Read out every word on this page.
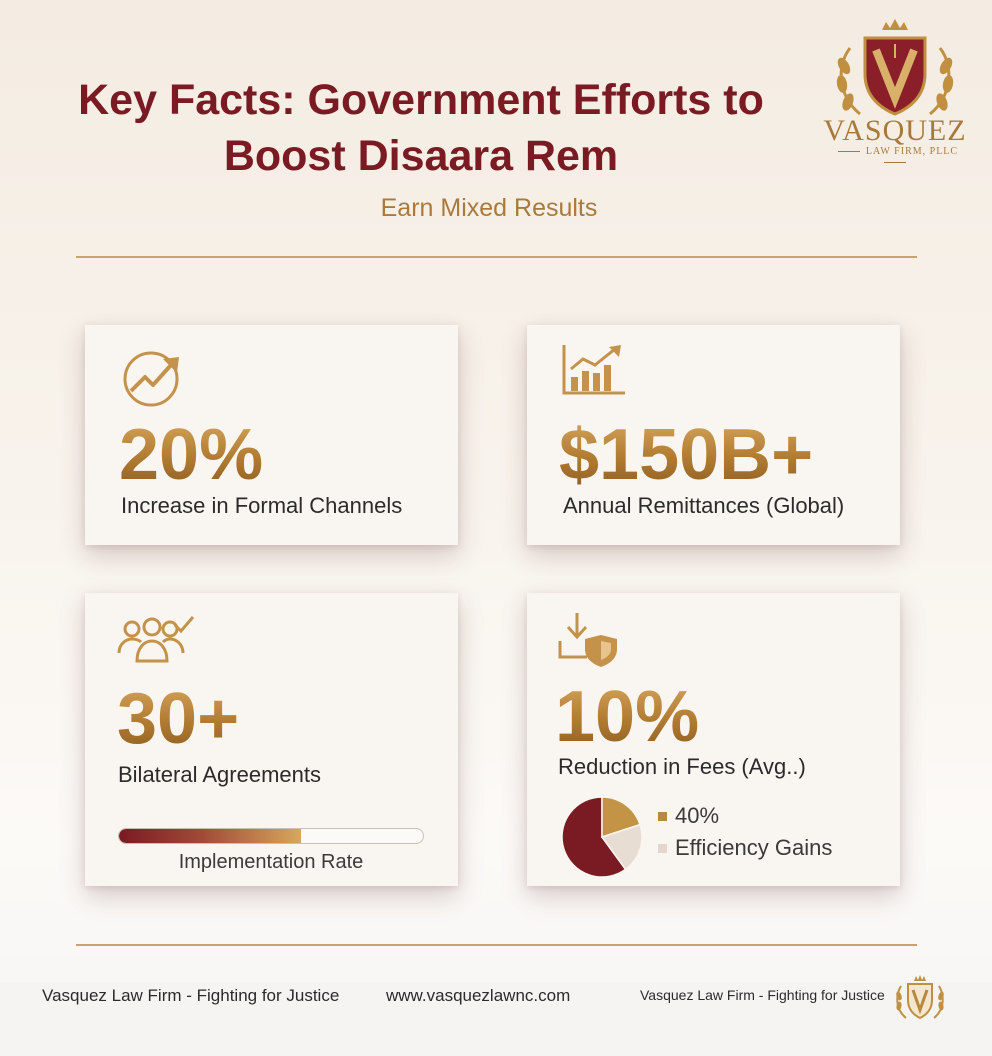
Key Facts: Government Efforts to
Boost Disaara Rem

Earn Mixed Results

VASQUEZ
LAW FIRM, PLLC
20%
Increase in Formal Channels
$150B+
Annual Remittances (Global)
30+
Bilateral Agreements
Implementation Rate
10%
Reduction in Fees (Avg..)
40%
Efficiency Gains
Vasquez Law Firm - Fighting for Justice	www.vasquezlawnc.com	Vasquez Law Firm - Fighting for Justice
